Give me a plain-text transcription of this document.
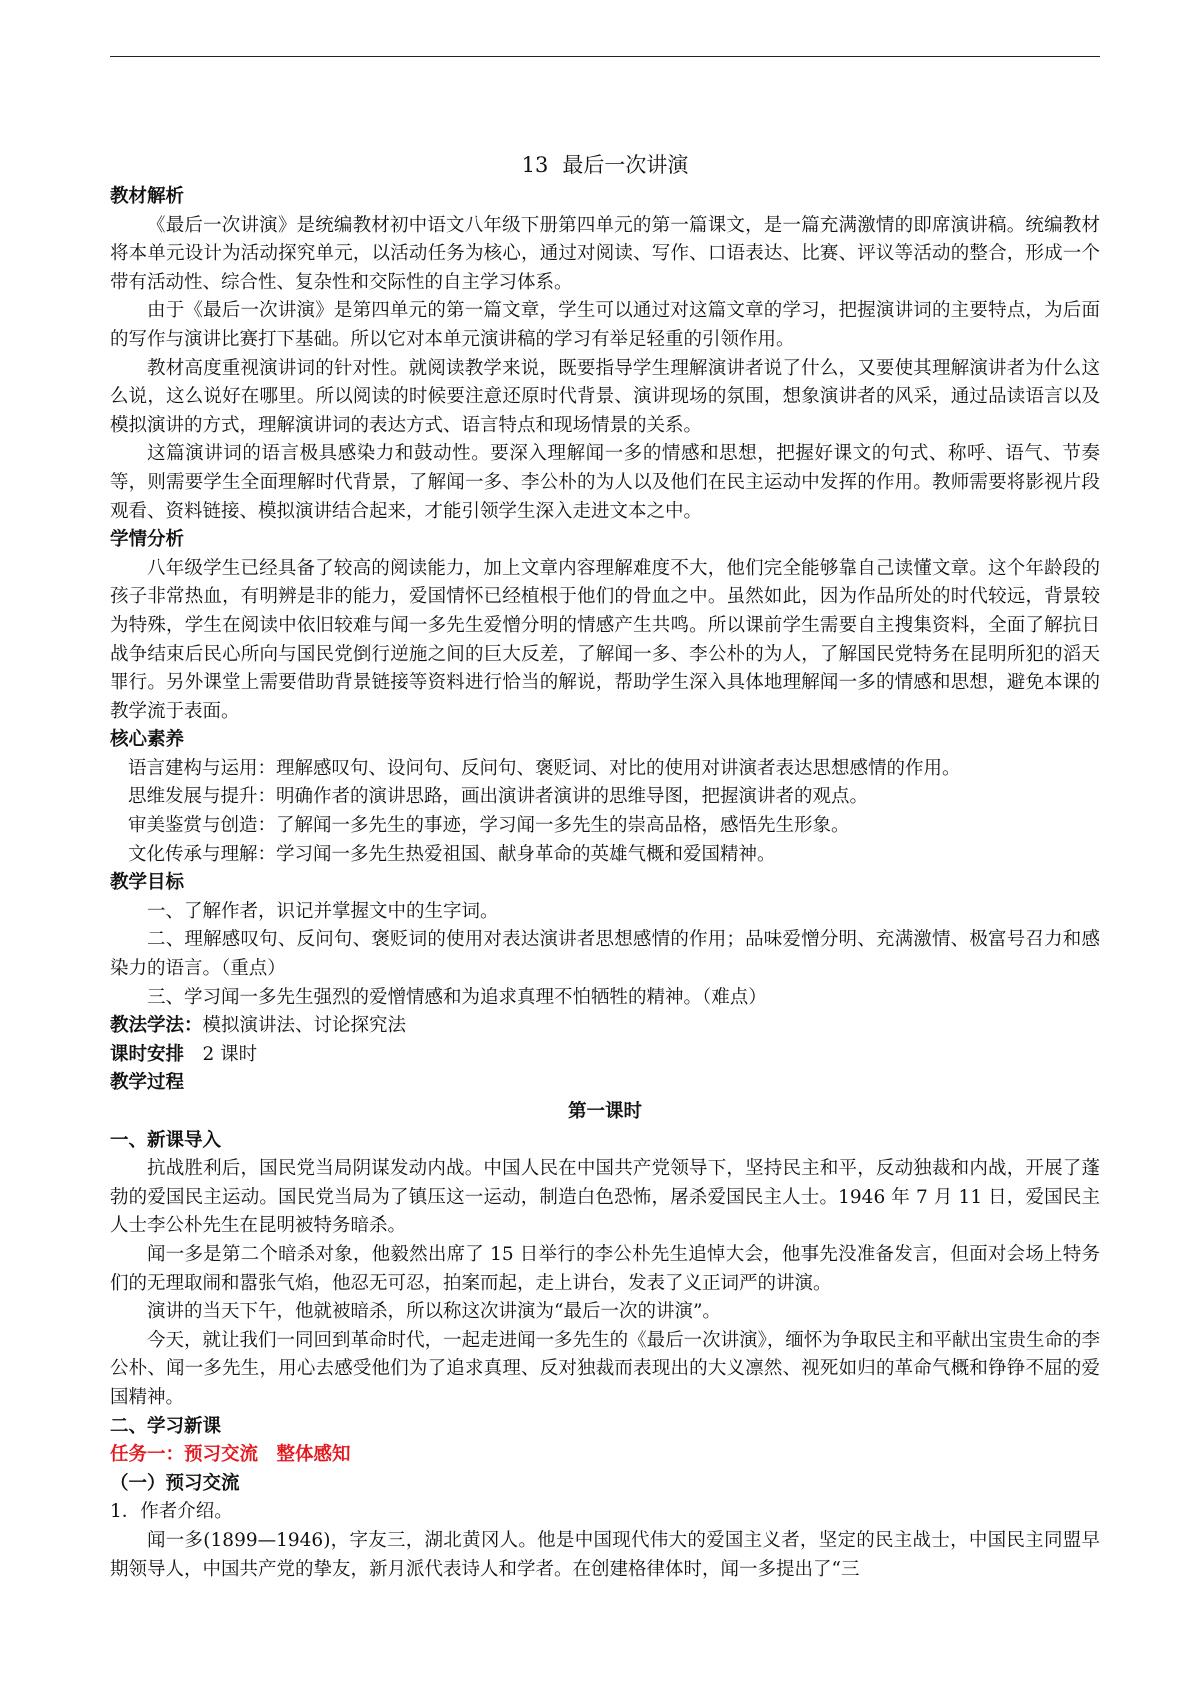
13 最后一次讲演
教材解析

《最后一次讲演》是统编教材初中语文八年级下册第四单元的第一篇课文，是一篇充满激情的即席演讲稿。统编教材将本单元设计为活动探究单元，以活动任务为核心，通过对阅读、写作、口语表达、比赛、评议等活动的整合，形成一个带有活动性、综合性、复杂性和交际性的自主学习体系。

由于《最后一次讲演》是第四单元的第一篇文章，学生可以通过对这篇文章的学习，把握演讲词的主要特点，为后面的写作与演讲比赛打下基础。所以它对本单元演讲稿的学习有举足轻重的引领作用。

教材高度重视演讲词的针对性。就阅读教学来说，既要指导学生理解演讲者说了什么，又要使其理解演讲者为什么这么说，这么说好在哪里。所以阅读的时候要注意还原时代背景、演讲现场的氛围，想象演讲者的风采，通过品读语言以及模拟演讲的方式，理解演讲词的表达方式、语言特点和现场情景的关系。

这篇演讲词的语言极具感染力和鼓动性。要深入理解闻一多的情感和思想，把握好课文的句式、称呼、语气、节奏等，则需要学生全面理解时代背景，了解闻一多、李公朴的为人以及他们在民主运动中发挥的作用。教师需要将影视片段观看、资料链接、模拟演讲结合起来，才能引领学生深入走进文本之中。

学情分析

八年级学生已经具备了较高的阅读能力，加上文章内容理解难度不大，他们完全能够靠自己读懂文章。这个年龄段的孩子非常热血，有明辨是非的能力，爱国情怀已经植根于他们的骨血之中。虽然如此，因为作品所处的时代较远，背景较为特殊，学生在阅读中依旧较难与闻一多先生爱憎分明的情感产生共鸣。所以课前学生需要自主搜集资料，全面了解抗日战争结束后民心所向与国民党倒行逆施之间的巨大反差，了解闻一多、李公朴的为人，了解国民党特务在昆明所犯的滔天罪行。另外课堂上需要借助背景链接等资料进行恰当的解说，帮助学生深入具体地理解闻一多的情感和思想，避免本课的教学流于表面。

核心素养

语言建构与运用：理解感叹句、设问句、反问句、褒贬词、对比的使用对讲演者表达思想感情的作用。

思维发展与提升：明确作者的演讲思路，画出演讲者演讲的思维导图，把握演讲者的观点。

审美鉴赏与创造：了解闻一多先生的事迹，学习闻一多先生的崇高品格，感悟先生形象。

文化传承与理解：学习闻一多先生热爱祖国、献身革命的英雄气概和爱国精神。

教学目标

一、了解作者，识记并掌握文中的生字词。

二、理解感叹句、反问句、褒贬词的使用对表达演讲者思想感情的作用；品味爱憎分明、充满激情、极富号召力和感染力的语言。（重点）

三、学习闻一多先生强烈的爱憎情感和为追求真理不怕牺牲的精神。（难点）

教法学法：模拟演讲法、讨论探究法

课时安排　 2 课时

教学过程
第一课时
一、新课导入

抗战胜利后，国民党当局阴谋发动内战。中国人民在中国共产党领导下，坚持民主和平，反动独裁和内战，开展了蓬勃的爱国民主运动。国民党当局为了镇压这一运动，制造白色恐怖，屠杀爱国民主人士。1946 年 7 月 11 日，爱国民主人士李公朴先生在昆明被特务暗杀。

闻一多是第二个暗杀对象，他毅然出席了 15 日举行的李公朴先生追悼大会，他事先没准备发言，但面对会场上特务们的无理取闹和嚣张气焰，他忍无可忍，拍案而起，走上讲台，发表了义正词严的讲演。

演讲的当天下午，他就被暗杀，所以称这次讲演为“最后一次的讲演”。

今天，就让我们一同回到革命时代，一起走进闻一多先生的《最后一次讲演》，缅怀为争取民主和平献出宝贵生命的李公朴、闻一多先生，用心去感受他们为了追求真理、反对独裁而表现出的大义凛然、视死如归的革命气概和铮铮不屈的爱国精神。

二、学习新课
任务一：预习交流　整体感知
（一）预习交流

1．作者介绍。

闻一多(1899—1946)，字友三，湖北黄冈人。他是中国现代伟大的爱国主义者，坚定的民主战士，中国民主同盟早期领导人，中国共产党的挚友，新月派代表诗人和学者。在创建格律体时，闻一多提出了“三
